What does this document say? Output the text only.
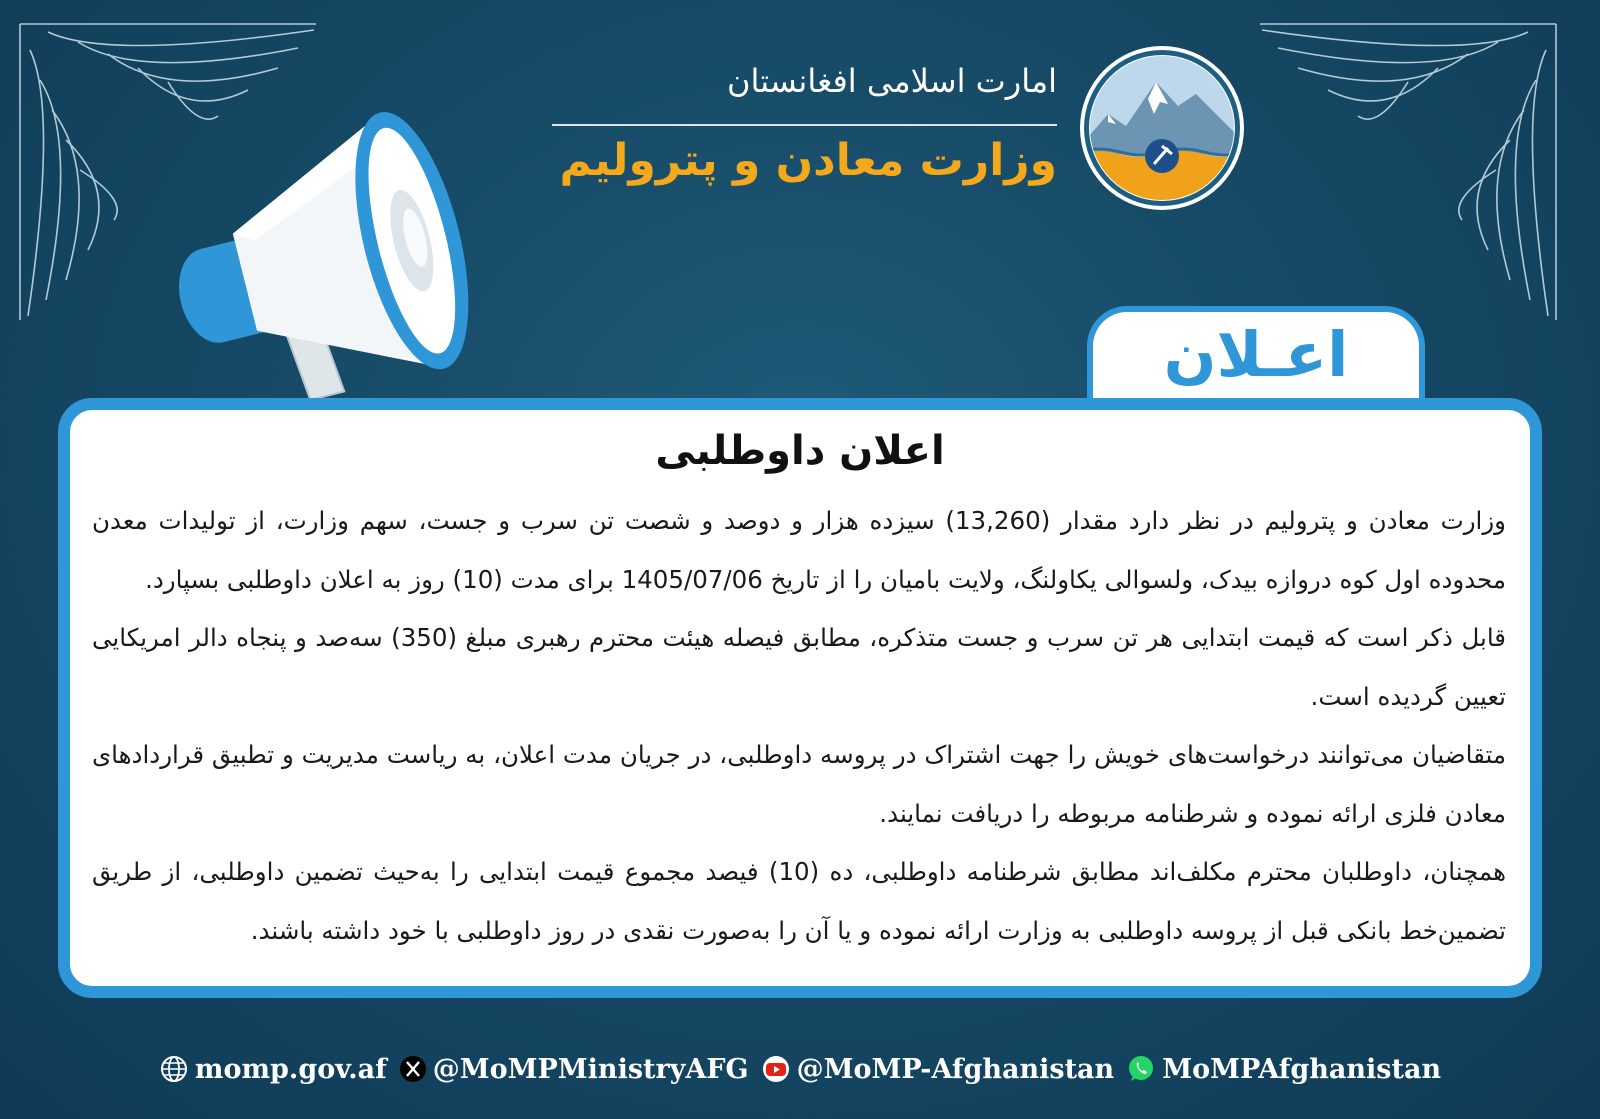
امارت اسلامی افغانستان
وزارت معادن و پترولیم
اعـلان
اعلان داوطلبی

وزارت معادن و پترولیم در نظر دارد مقدار (13,260) سیزده هزار و دوصد و شصت تن سرب و جست، سهم وزارت، از تولیدات معدن محدوده اول کوه دروازه بیدک، ولسوالی یکاولنگ، ولایت بامیان را از تاریخ 1405/07/06 برای مدت (10) روز به اعلان داوطلبی بسپارد.

قابل ذکر است که قیمت ابتدایی هر تن سرب و جست متذکره، مطابق فیصله هیئت محترم رهبری مبلغ (350) سه‌صد و پنجاه دالر امریکایی تعیین گردیده است.

متقاضیان می‌توانند درخواست‌های خویش را جهت اشتراک در پروسه داوطلبی، در جریان مدت اعلان، به ریاست مدیریت و تطبیق قراردادهای معادن فلزی ارائه نموده و شرطنامه مربوطه را دریافت نمایند.

همچنان، داوطلبان محترم مکلف‌اند مطابق شرطنامه داوطلبی، ده (10) فیصد مجموع قیمت ابتدایی را به‌حیث تضمین داوطلبی، از طریق تضمین‌خط بانکی قبل از پروسه داوطلبی به وزارت ارائه نموده و یا آن را به‌صورت نقدی در روز داوطلبی با خود داشته باشند.

momp.gov.af @MoMPMinistryAFG @MoMP-Afghanistan MoMPAfghanistan
